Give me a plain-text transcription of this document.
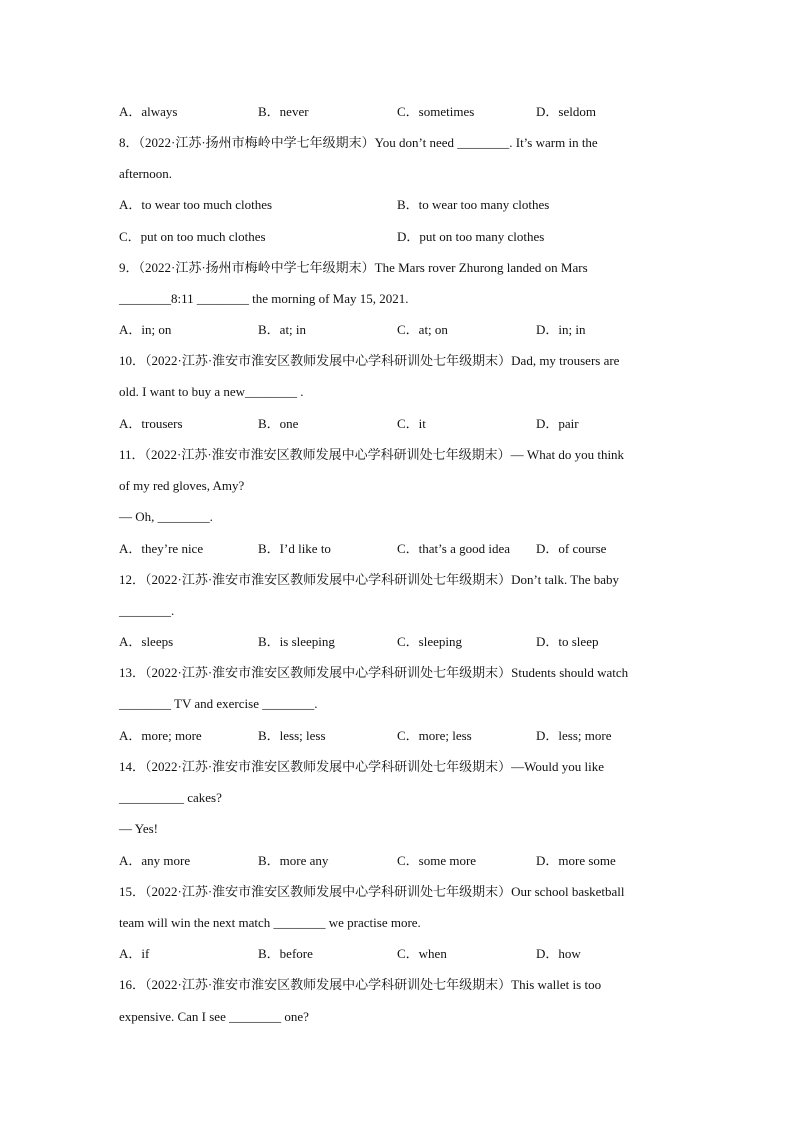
A．always	B．never	C．sometimes	D．seldom
8．（2022·江苏·扬州市梅岭中学七年级期末）You don’t need ________. It’s warm in the
afternoon.
A．to wear too much clothes	B．to wear too many clothes
C．put on too much clothes	D．put on too many clothes
9．（2022·江苏·扬州市梅岭中学七年级期末）The Mars rover Zhurong landed on Mars
________8:11 ________ the morning of May 15, 2021.
A．in; on	B．at; in	C．at; on	D．in; in
10．（2022·江苏·淮安市淮安区教师发展中心学科研训处七年级期末）Dad, my trousers are
old. I want to buy a new________ .
A．trousers	B．one	C．it	D．pair
11．（2022·江苏·淮安市淮安区教师发展中心学科研训处七年级期末）— What do you think
of my red gloves, Amy?
— Oh, ________.
A．they’re nice	B．I’d like to	C．that’s a good idea D．of course
12．（2022·江苏·淮安市淮安区教师发展中心学科研训处七年级期末）Don’t talk. The baby
________.
A．sleeps	B．is sleeping	C．sleeping	D．to sleep
13．（2022·江苏·淮安市淮安区教师发展中心学科研训处七年级期末）Students should watch
________ TV and exercise ________.
A．more; more	B．less; less	C．more; less	D．less; more
14．（2022·江苏·淮安市淮安区教师发展中心学科研训处七年级期末）—Would you like
__________ cakes?
— Yes!
A．any more	B．more any	C．some more	D．more some
15．（2022·江苏·淮安市淮安区教师发展中心学科研训处七年级期末）Our school basketball
team will win the next match ________ we practise more.
A．if	B．before	C．when	D．how
16．（2022·江苏·淮安市淮安区教师发展中心学科研训处七年级期末）This wallet is too
expensive. Can I see ________ one?
